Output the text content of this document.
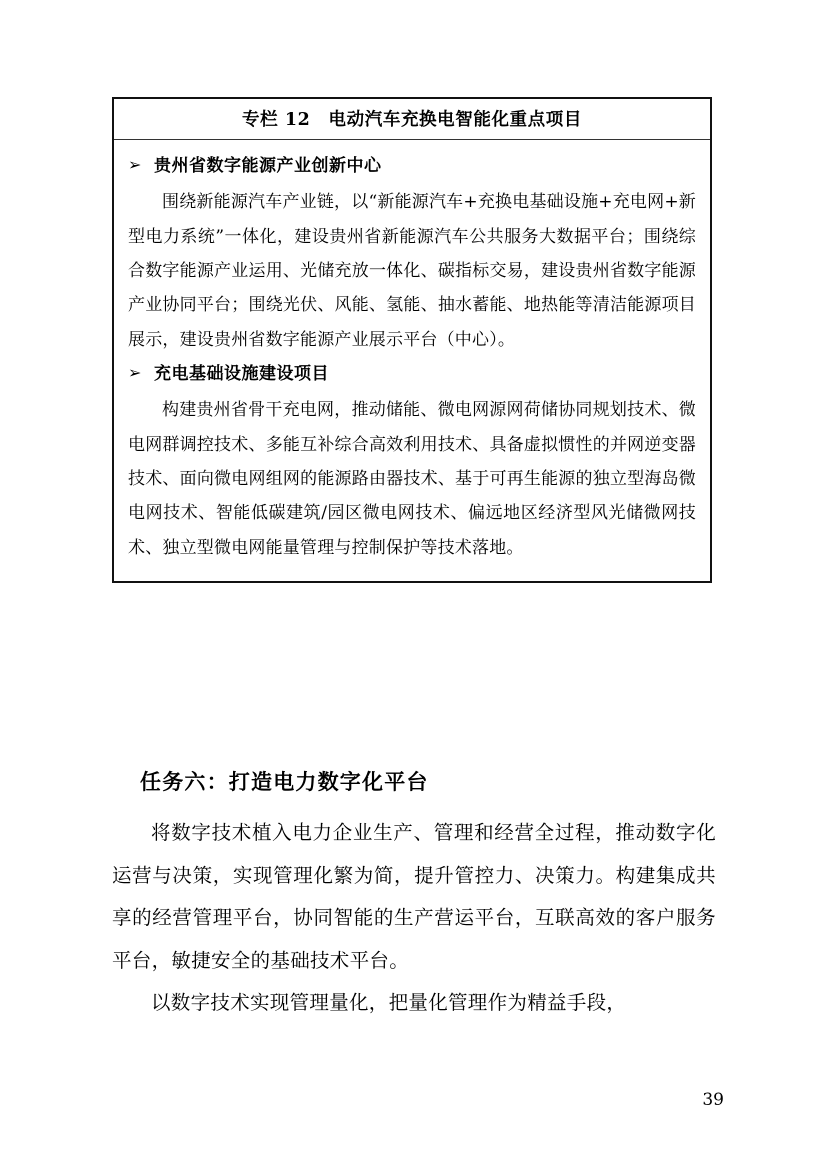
专栏 12　电动汽车充换电智能化重点项目
➢ 贵州省数字能源产业创新中心

围绕新能源汽车产业链，以“新能源汽车+充换电基础设施+充电网+新型电力系统”一体化，建设贵州省新能源汽车公共服务大数据平台；围绕综合数字能源产业运用、光储充放一体化、碳指标交易，建设贵州省数字能源产业协同平台；围绕光伏、风能、氢能、抽水蓄能、地热能等清洁能源项目展示，建设贵州省数字能源产业展示平台（中心）。

➢ 充电基础设施建设项目

构建贵州省骨干充电网，推动储能、微电网源网荷储协同规划技术、微电网群调控技术、多能互补综合高效利用技术、具备虚拟惯性的并网逆变器技术、面向微电网组网的能源路由器技术、基于可再生能源的独立型海岛微电网技术、智能低碳建筑/园区微电网技术、偏远地区经济型风光储微网技术、独立型微电网能量管理与控制保护等技术落地。

任务六：打造电力数字化平台

将数字技术植入电力企业生产、管理和经营全过程，推动数字化运营与决策，实现管理化繁为简，提升管控力、决策力。构建集成共享的经营管理平台，协同智能的生产营运平台，互联高效的客户服务平台，敏捷安全的基础技术平台。

以数字技术实现管理量化，把量化管理作为精益手段，

39
